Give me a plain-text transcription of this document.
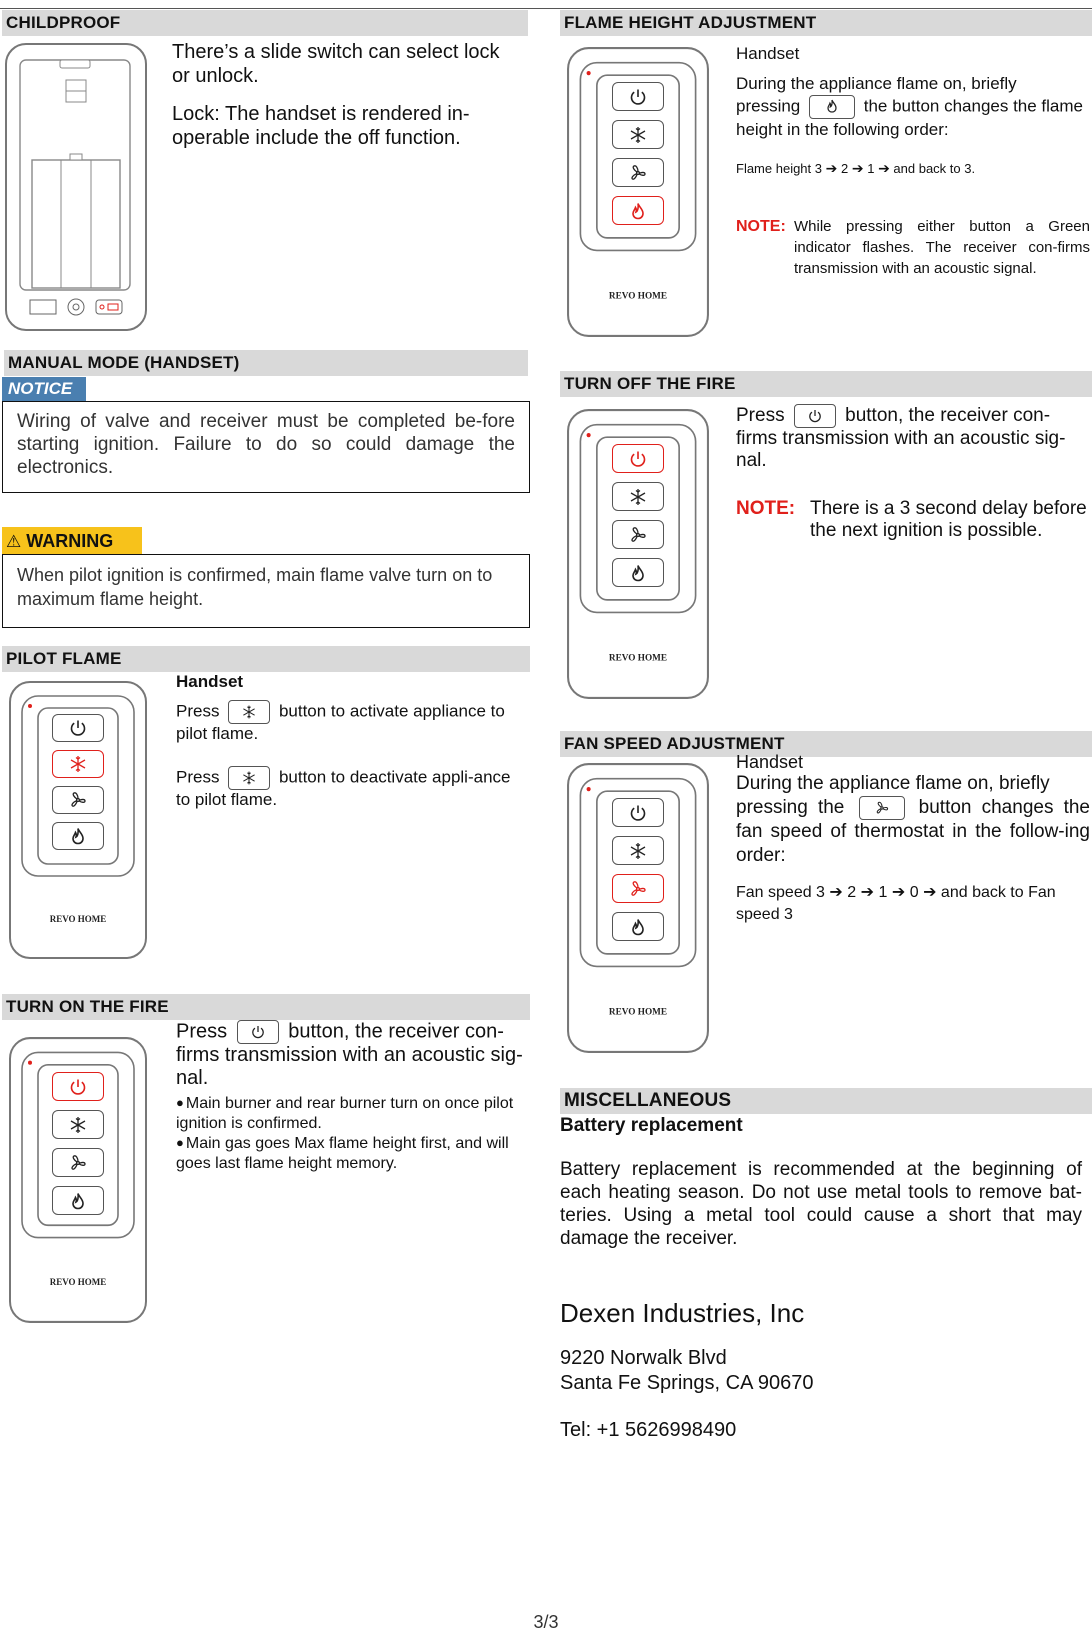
CHILDPROOF

There’s a slide switch can select lock or unlock.

Lock: The handset is rendered in-operable include the off function.

MANUAL MODE (HANDSET)
NOTICE
Wiring of valve and receiver must be completed be-fore starting ignition. Failure to do so could damage the electronics.
⚠ WARNING
When pilot ignition is confirmed, main flame valve turn on to maximum flame height.
PILOT FLAME
Handset
Press	button to activate appliance to pilot flame.
Press	button to deactivate appli-ance to pilot flame.
TURN ON THE FIRE
Press	button, the receiver con-firms transmission with an acoustic sig-nal.
● Main burner and rear burner turn on once pilot ignition is confirmed.
● Main gas goes Max flame height first, and will goes last flame height memory.
FLAME HEIGHT ADJUSTMENT
Handset
During the appliance flame on, briefly
pressing	the button changes the flame height in the following order:
Flame height 3 ➔ 2 ➔ 1 ➔ and back to 3.
NOTE: While pressing either button a Green indicator flashes. The receiver con-firms transmission with an acoustic signal.
TURN OFF THE FIRE
Press	button, the receiver con-firms transmission with an acoustic sig-nal.
NOTE: There is a 3 second delay before the next ignition is possible.
FAN SPEED ADJUSTMENT
Handset
During the appliance flame on, briefly
pressing the	button changes the fan speed of thermostat in the follow-ing order:
Fan speed 3 ➔ 2 ➔ 1 ➔ 0 ➔ and back to Fan speed 3
MISCELLANEOUS
Battery replacement
Battery replacement is recommended at the beginning of each heating season. Do not use metal tools to remove bat-teries. Using a metal tool could cause a short that may damage the receiver.
Dexen Industries, Inc
9220 Norwalk Blvd
Santa Fe Springs, CA 90670
Tel: +1 5626998490
3/3
